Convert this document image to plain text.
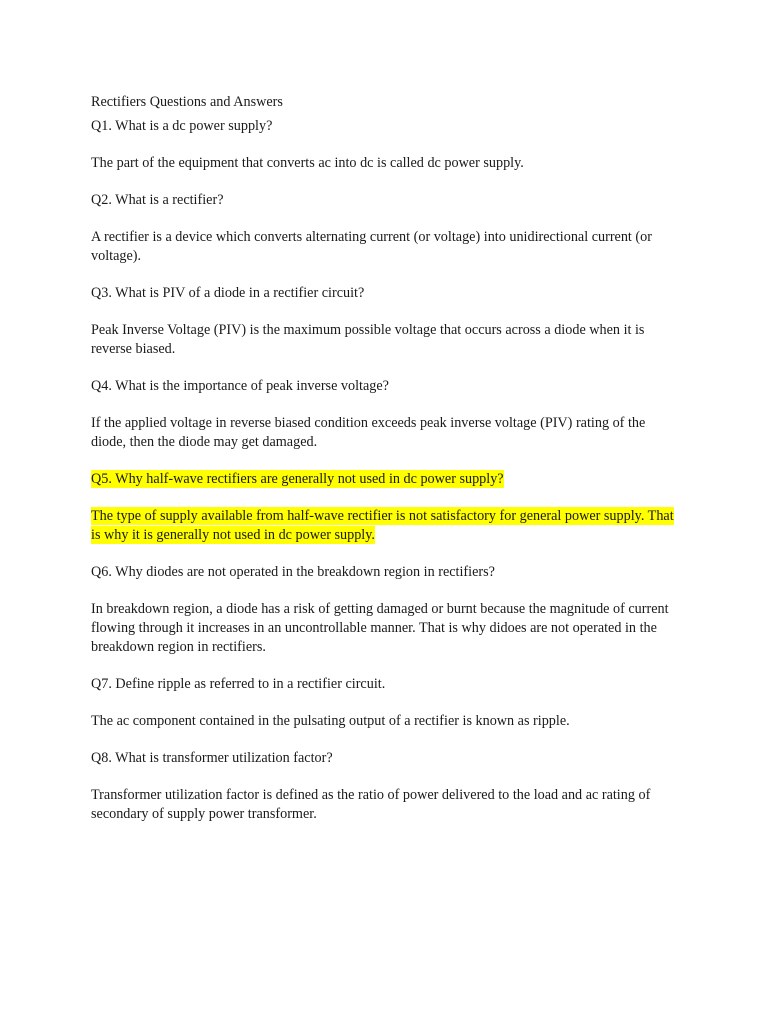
Rectifiers Questions and Answers

Q1. What is a dc power supply?

The part of the equipment that converts ac into dc is called dc power supply.

Q2. What is a rectifier?

A rectifier is a device which converts alternating current (or voltage) into unidirectional current (or voltage).

Q3. What is PIV of a diode in a rectifier circuit?

Peak Inverse Voltage (PIV) is the maximum possible voltage that occurs across a diode when it is reverse biased.

Q4. What is the importance of peak inverse voltage?

If the applied voltage in reverse biased condition exceeds peak inverse voltage (PIV) rating of the diode, then the diode may get damaged.

Q5. Why half-wave rectifiers are generally not used in dc power supply?

The type of supply available from half-wave rectifier is not satisfactory for general power supply. That is why it is generally not used in dc power supply.

Q6. Why diodes are not operated in the breakdown region in rectifiers?

In breakdown region, a diode has a risk of getting damaged or burnt because the magnitude of current flowing through it increases in an uncontrollable manner. That is why didoes are not operated in the breakdown region in rectifiers.

Q7. Define ripple as referred to in a rectifier circuit.

The ac component contained in the pulsating output of a rectifier is known as ripple.

Q8. What is transformer utilization factor?

Transformer utilization factor is defined as the ratio of power delivered to the load and ac rating of secondary of supply power transformer.
